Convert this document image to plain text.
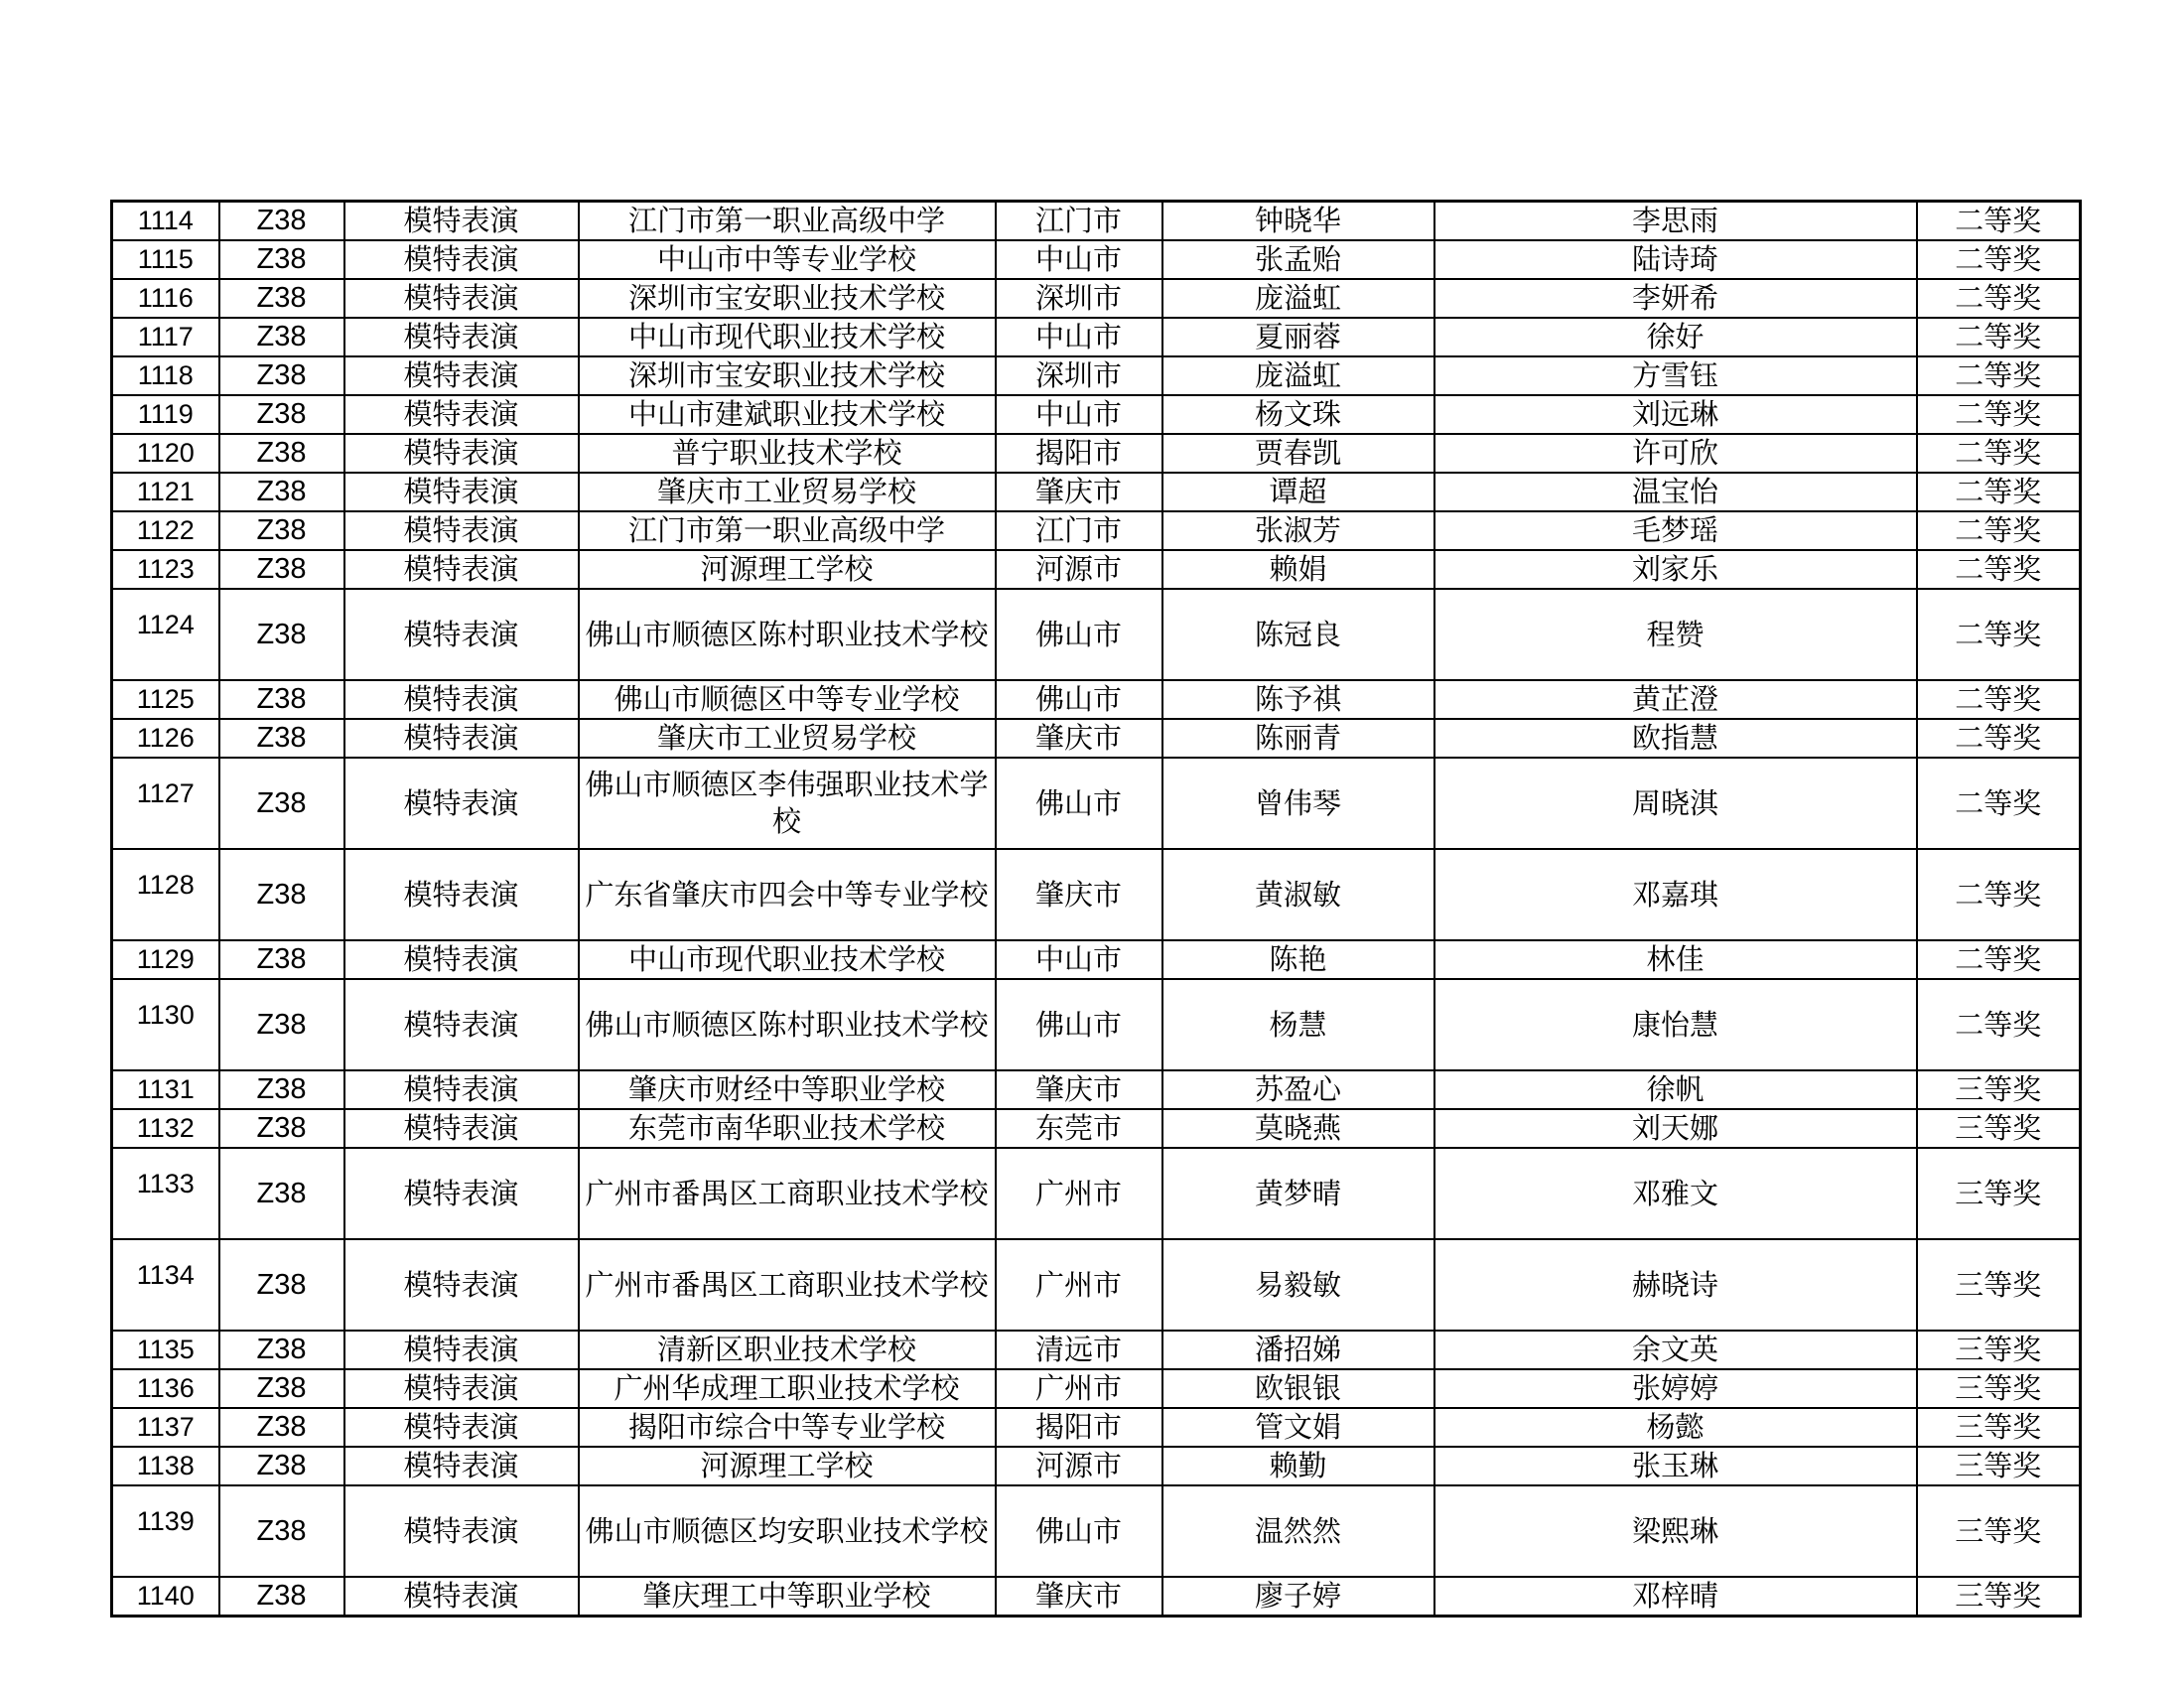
1114	Z38	模特表演	江门市第一职业高级中学	江门市	钟晓华	李思雨	二等奖
1115	Z38	模特表演	中山市中等专业学校	中山市	张孟贻	陆诗琦	二等奖
1116	Z38	模特表演	深圳市宝安职业技术学校	深圳市	庞溢虹	李妍希	二等奖
1117	Z38	模特表演	中山市现代职业技术学校	中山市	夏丽蓉	徐好	二等奖
1118	Z38	模特表演	深圳市宝安职业技术学校	深圳市	庞溢虹	方雪钰	二等奖
1119	Z38	模特表演	中山市建斌职业技术学校	中山市	杨文珠	刘远琳	二等奖
1120	Z38	模特表演	普宁职业技术学校	揭阳市	贾春凯	许可欣	二等奖
1121	Z38	模特表演	肇庆市工业贸易学校	肇庆市	谭超	温宝怡	二等奖
1122	Z38	模特表演	江门市第一职业高级中学	江门市	张淑芳	毛梦瑶	二等奖
1123	Z38	模特表演	河源理工学校	河源市	赖娟	刘家乐	二等奖
1124	Z38	模特表演	佛山市顺德区陈村职业技术学校	佛山市	陈冠良	程赞	二等奖
1125	Z38	模特表演	佛山市顺德区中等专业学校	佛山市	陈予祺	黄芷澄	二等奖
1126	Z38	模特表演	肇庆市工业贸易学校	肇庆市	陈丽青	欧指慧	二等奖
1127	Z38	模特表演	佛山市顺德区李伟强职业技术学校	佛山市	曾伟琴	周晓淇	二等奖
1128	Z38	模特表演	广东省肇庆市四会中等专业学校	肇庆市	黄淑敏	邓嘉琪	二等奖
1129	Z38	模特表演	中山市现代职业技术学校	中山市	陈艳	林佳	二等奖
1130	Z38	模特表演	佛山市顺德区陈村职业技术学校	佛山市	杨慧	康怡慧	二等奖
1131	Z38	模特表演	肇庆市财经中等职业学校	肇庆市	苏盈心	徐帆	三等奖
1132	Z38	模特表演	东莞市南华职业技术学校	东莞市	莫晓燕	刘天娜	三等奖
1133	Z38	模特表演	广州市番禺区工商职业技术学校	广州市	黄梦晴	邓雅文	三等奖
1134	Z38	模特表演	广州市番禺区工商职业技术学校	广州市	易毅敏	赫晓诗	三等奖
1135	Z38	模特表演	清新区职业技术学校	清远市	潘招娣	余文英	三等奖
1136	Z38	模特表演	广州华成理工职业技术学校	广州市	欧银银	张婷婷	三等奖
1137	Z38	模特表演	揭阳市综合中等专业学校	揭阳市	管文娟	杨懿	三等奖
1138	Z38	模特表演	河源理工学校	河源市	赖勤	张玉琳	三等奖
1139	Z38	模特表演	佛山市顺德区均安职业技术学校	佛山市	温然然	梁熙琳	三等奖
1140	Z38	模特表演	肇庆理工中等职业学校	肇庆市	廖子婷	邓梓晴	三等奖
